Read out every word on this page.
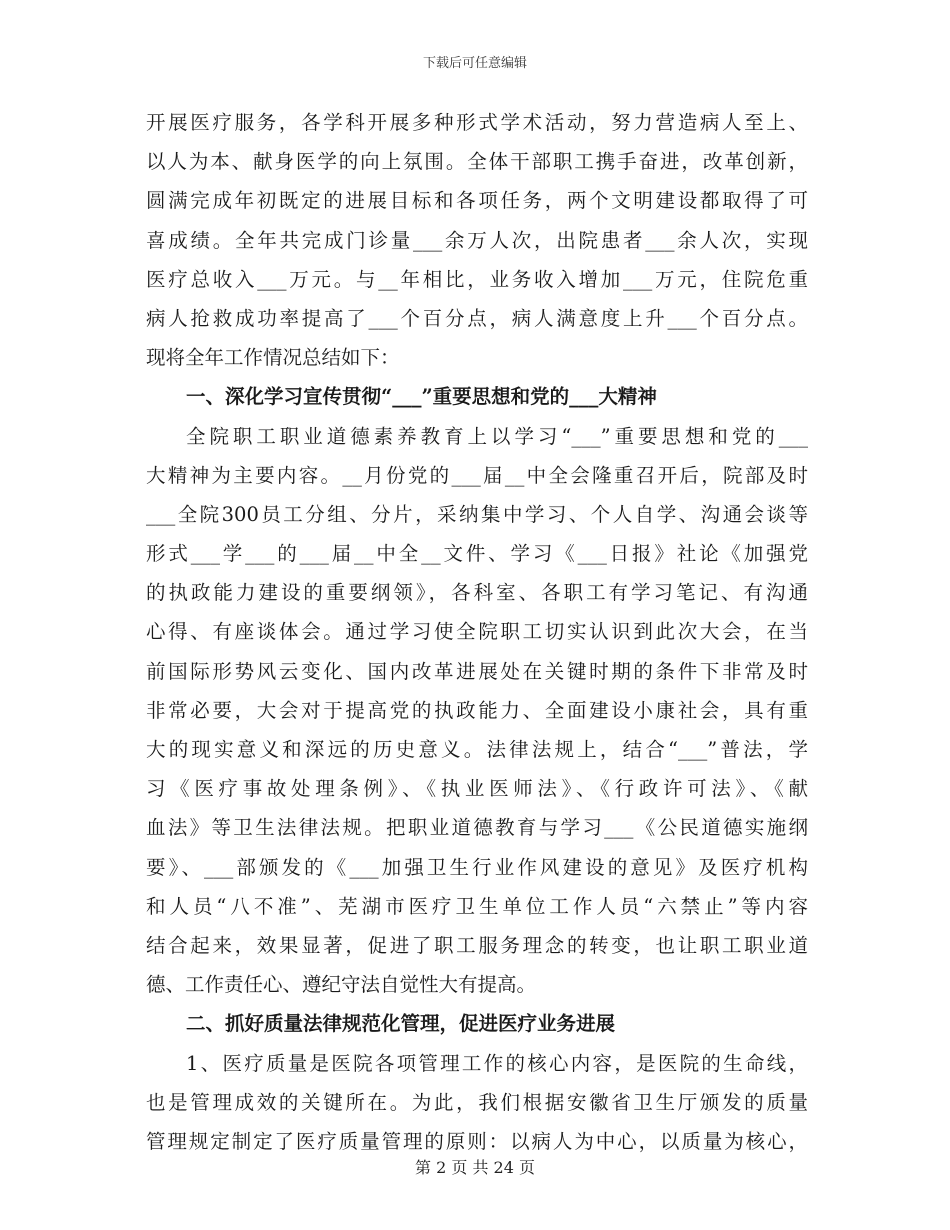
下载后可任意编辑
开展医疗服务，各学科开展多种形式学术活动，努力营造病人至上、
以人为本、献身医学的向上氛围。全体干部职工携手奋进，改革创新，
圆满完成年初既定的进展目标和各项任务，两个文明建设都取得了可
喜成绩。全年共完成门诊量___余万人次，出院患者___余人次，实现
医疗总收入___万元。与__年相比，业务收入增加___万元，住院危重
病人抢救成功率提高了___个百分点，病人满意度上升___个百分点。
现将全年工作情况总结如下：
一、深化学习宣传贯彻“___”重要思想和党的___大精神
全院职工职业道德素养教育上以学习“___”重要思想和党的___
大精神为主要内容。__月份党的___届__中全会隆重召开后，院部及时
___全院300员工分组、分片，采纳集中学习、个人自学、沟通会谈等
形式___学___的___届__中全__文件、学习《___日报》社论《加强党
的执政能力建设的重要纲领》，各科室、各职工有学习笔记、有沟通
心得、有座谈体会。通过学习使全院职工切实认识到此次大会，在当
前国际形势风云变化、国内改革进展处在关键时期的条件下非常及时
非常必要，大会对于提高党的执政能力、全面建设小康社会，具有重
大的现实意义和深远的历史意义。法律法规上，结合“___”普法，学
习《医疗事故处理条例》、《执业医师法》、《行政许可法》、《献
血法》等卫生法律法规。把职业道德教育与学习___《公民道德实施纲
要》、___部颁发的《___加强卫生行业作风建设的意见》及医疗机构
和人员“八不准”、芜湖市医疗卫生单位工作人员“六禁止”等内容
结合起来，效果显著，促进了职工服务理念的转变，也让职工职业道
德、工作责任心、遵纪守法自觉性大有提高。
二、抓好质量法律规范化管理，促进医疗业务进展
1、医疗质量是医院各项管理工作的核心内容，是医院的生命线，
也是管理成效的关键所在。为此，我们根据安徽省卫生厅颁发的质量
管理规定制定了医疗质量管理的原则：以病人为中心，以质量为核心，
第 2 页 共 24 页
